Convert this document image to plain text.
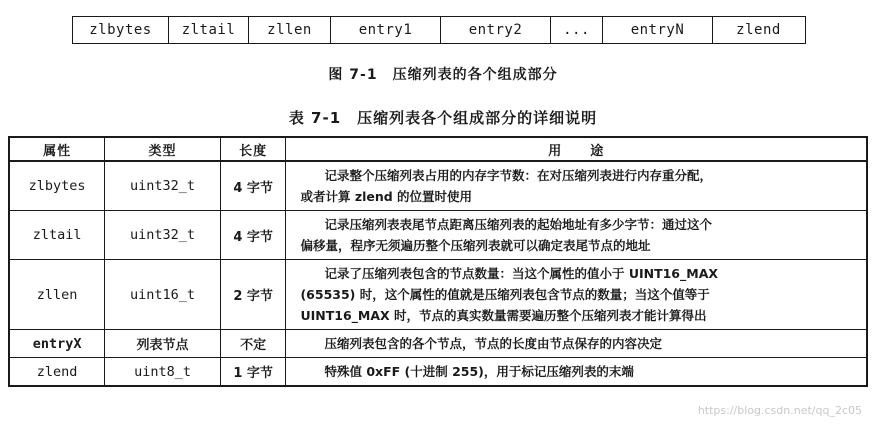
zlbytes	zltail	zllen	entry1	entry2	...	entryN	zlend
图 7-1　压缩列表的各个组成部分
表 7-1　压缩列表各个组成部分的详细说明
属性	类型	长度	用　　途
zlbytes	uint32_t	4 字节	记录整个压缩列表占用的内存字节数：在对压缩列表进行内存重分配，
或者计算 zlend 的位置时使用

zltail	uint32_t	4 字节	记录压缩列表表尾节点距离压缩列表的起始地址有多少字节：通过这个
偏移量，程序无须遍历整个压缩列表就可以确定表尾节点的地址

zllen	uint16_t	2 字节	记录了压缩列表包含的节点数量：当这个属性的值小于 UINT16_MAX
(65535) 时，这个属性的值就是压缩列表包含节点的数量；当这个值等于
UINT16_MAX 时，节点的真实数量需要遍历整个压缩列表才能计算得出

entryX	列表节点	不定	压缩列表包含的各个节点，节点的长度由节点保存的内容决定

zlend	uint8_t	1 字节	特殊值 0xFF (十进制 255)，用于标记压缩列表的末端
https://blog.csdn.net/qq_2c05
